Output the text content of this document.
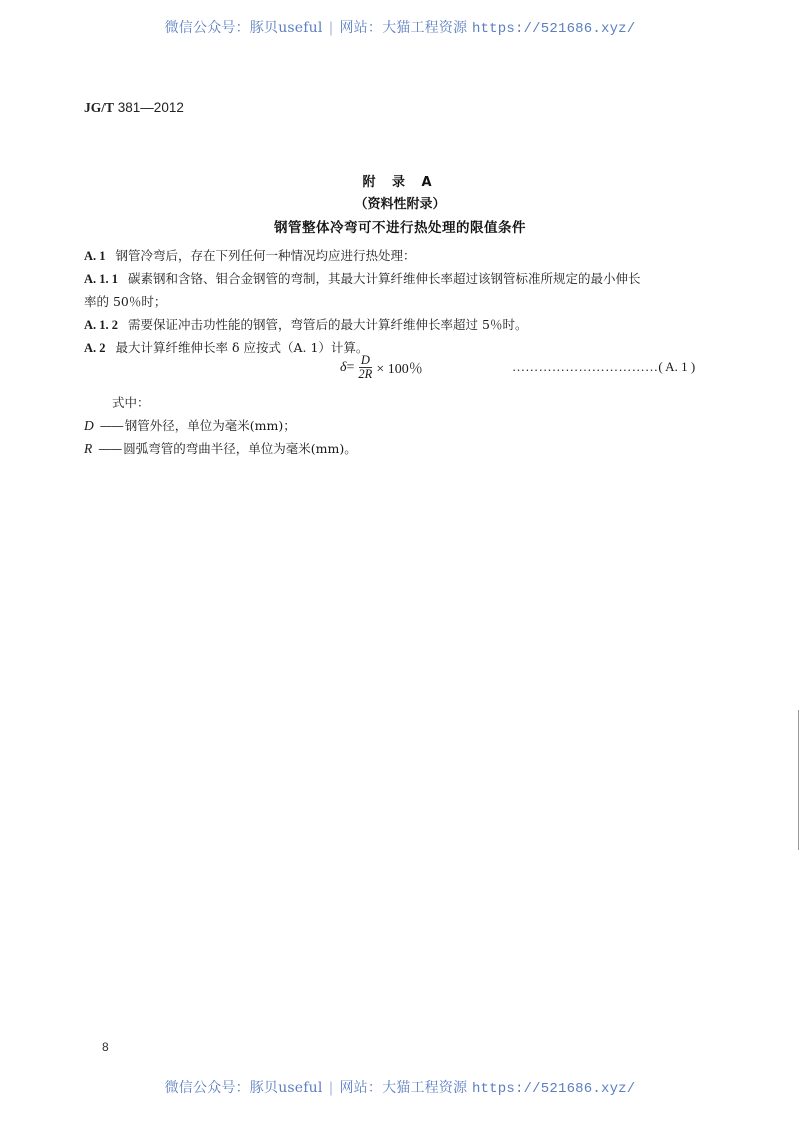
微信公众号：豚贝useful | 网站：大猫工程资源 https://521686.xyz/
JG/T 381—2012
附 录 A
（资料性附录）
钢管整体冷弯可不进行热处理的限值条件
A. 1 钢管冷弯后，存在下列任何一种情况均应进行热处理：
A. 1. 1 碳素钢和含铬、钼合金钢管的弯制，其最大计算纤维伸长率超过该钢管标准所规定的最小伸长
率的 50％时；
A. 1. 2 需要保证冲击功性能的钢管，弯管后的最大计算纤维伸长率超过 5％时。
A. 2 最大计算纤维伸长率 δ 应按式（A. 1）计算。
$\delta = \frac{D}{2R} \times 100$％	……………………………( A. 1 )
式中：
D —— 钢管外径，单位为毫米(mm)；
R —— 圆弧弯管的弯曲半径，单位为毫米(mm)。
8
微信公众号：豚贝useful | 网站：大猫工程资源 https://521686.xyz/
